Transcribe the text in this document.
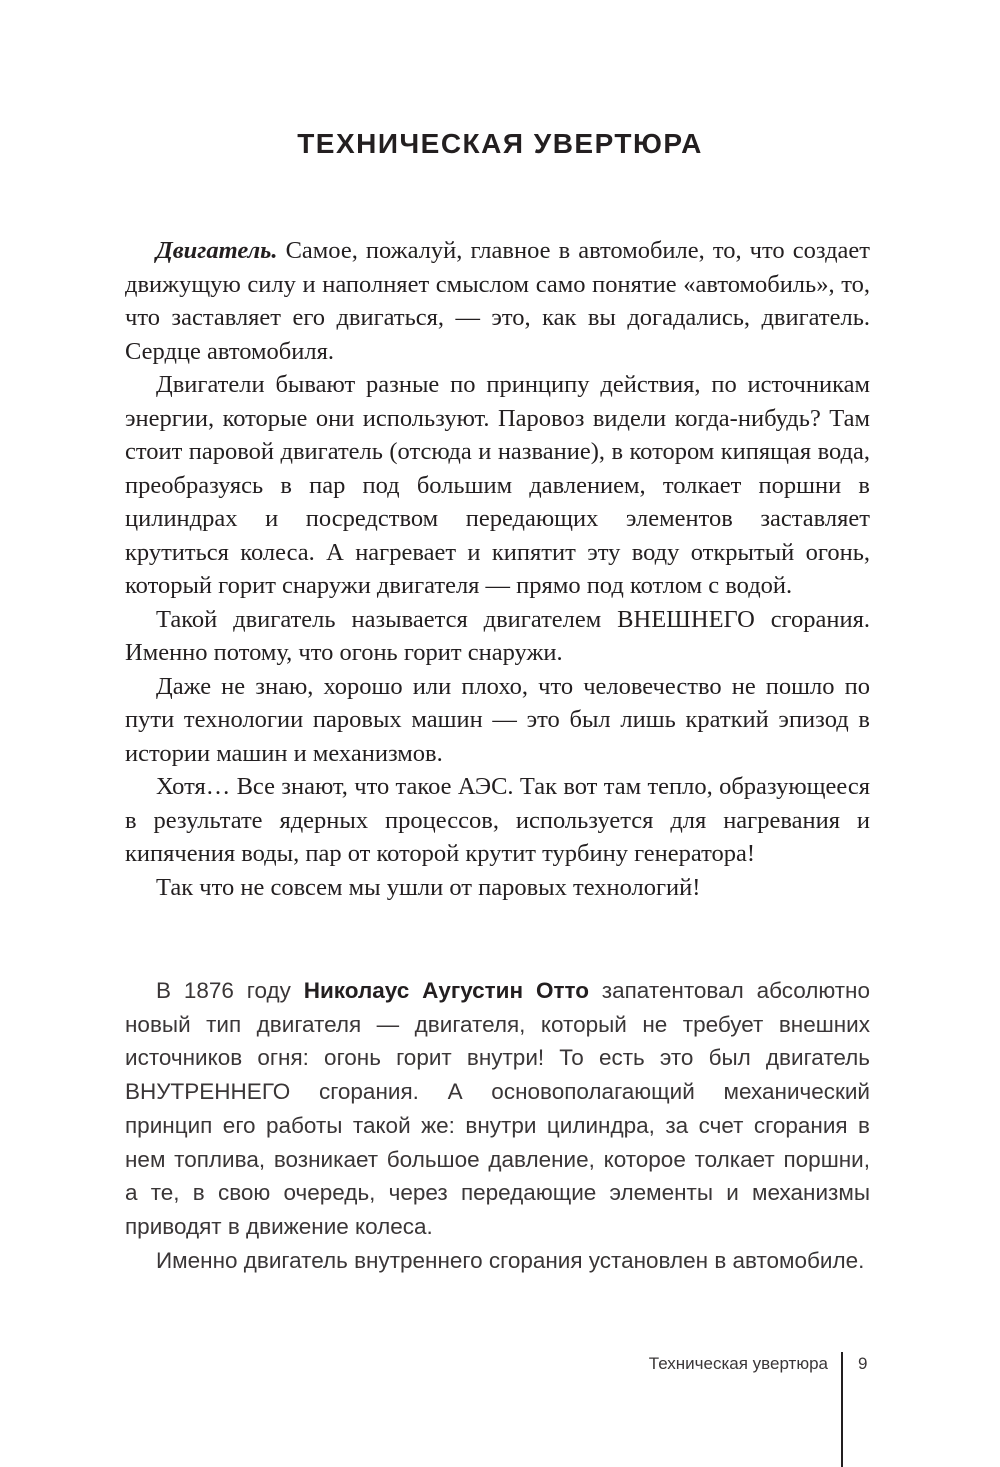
ТЕХНИЧЕСКАЯ УВЕРТЮРА

Двигатель. Самое, пожалуй, главное в автомобиле, то, что создает движущую силу и наполняет смыслом само понятие «автомобиль», то, что заставляет его двигаться, — это, как вы догадались, двигатель. Сердце автомобиля.

Двигатели бывают разные по принципу действия, по источникам энергии, которые они используют. Паровоз видели когда-нибудь? Там стоит паровой двигатель (отсюда и название), в котором кипящая вода, преобразуясь в пар под большим давлением, толкает поршни в цилиндрах и посредством передающих элементов заставляет крутиться колеса. А нагревает и кипятит эту воду открытый огонь, который горит снаружи двигателя — прямо под котлом с водой.

Такой двигатель называется двигателем ВНЕШНЕГО сгорания. Именно потому, что огонь горит снаружи.

Даже не знаю, хорошо или плохо, что человечество не пошло по пути технологии паровых машин — это был лишь краткий эпизод в истории машин и механизмов.

Хотя… Все знают, что такое АЭС. Так вот там тепло, образующееся в результате ядерных процессов, используется для нагревания и кипячения воды, пар от которой крутит турбину генератора!

Так что не совсем мы ушли от паровых технологий!

В 1876 году Николаус Аугустин Отто запатентовал абсолютно новый тип двигателя — двигателя, который не требует внешних источников огня: огонь горит внутри! То есть это был двигатель ВНУТРЕННЕГО сгорания. А основополагающий механический принцип его работы такой же: внутри цилиндра, за счет сгорания в нем топлива, возникает большое давление, которое толкает поршни, а те, в свою очередь, через передающие элементы и механизмы приводят в движение колеса.

Именно двигатель внутреннего сгорания установлен в автомобиле.

Техническая увертюра 9
